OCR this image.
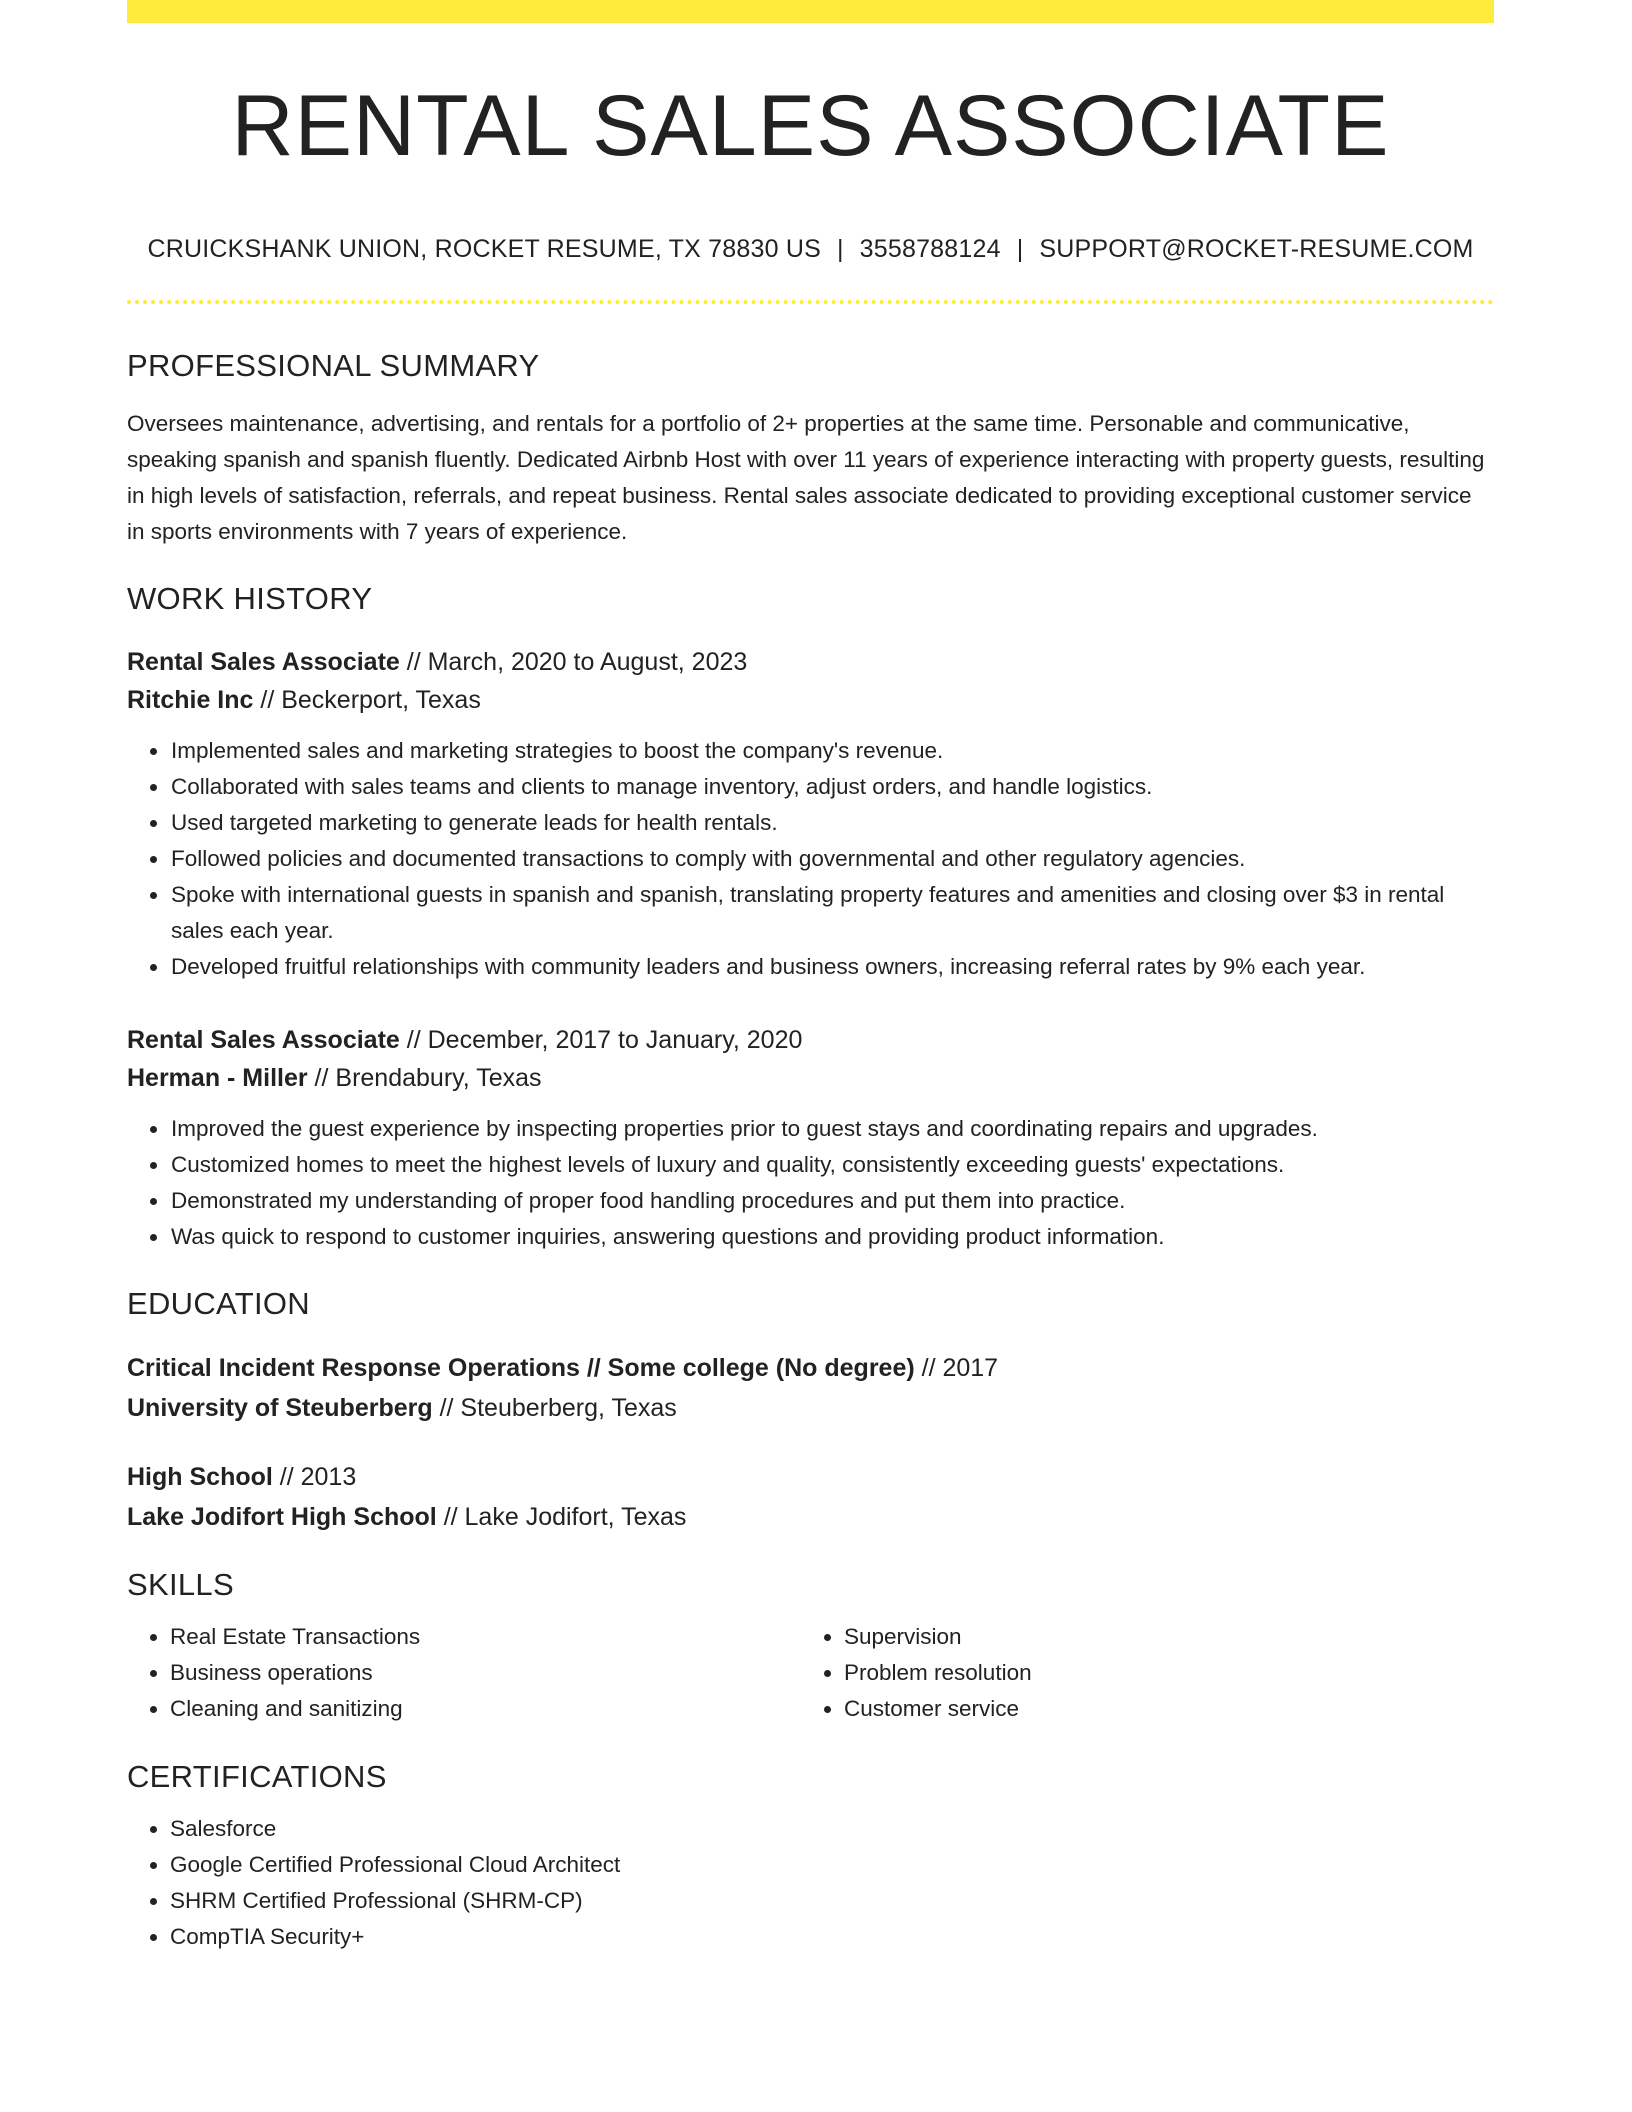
RENTAL SALES ASSOCIATE
CRUICKSHANK UNION, ROCKET RESUME, TX 78830 US | 3558788124 | SUPPORT@ROCKET-RESUME.COM
PROFESSIONAL SUMMARY

Oversees maintenance, advertising, and rentals for a portfolio of 2+ properties at the same time. Personable and communicative, speaking spanish and spanish fluently. Dedicated Airbnb Host with over 11 years of experience interacting with property guests, resulting in high levels of satisfaction, referrals, and repeat business. Rental sales associate dedicated to providing exceptional customer service in sports environments with 7 years of experience.

WORK HISTORY
Rental Sales Associate // March, 2020 to August, 2023
Ritchie Inc // Beckerport, Texas
• Implemented sales and marketing strategies to boost the company's revenue.
• Collaborated with sales teams and clients to manage inventory, adjust orders, and handle logistics.
• Used targeted marketing to generate leads for health rentals.
• Followed policies and documented transactions to comply with governmental and other regulatory agencies.
• Spoke with international guests in spanish and spanish, translating property features and amenities and closing over $3 in rental sales each year.
• Developed fruitful relationships with community leaders and business owners, increasing referral rates by 9% each year.
Rental Sales Associate // December, 2017 to January, 2020
Herman - Miller // Brendabury, Texas
• Improved the guest experience by inspecting properties prior to guest stays and coordinating repairs and upgrades.
• Customized homes to meet the highest levels of luxury and quality, consistently exceeding guests' expectations.
• Demonstrated my understanding of proper food handling procedures and put them into practice.
• Was quick to respond to customer inquiries, answering questions and providing product information.
EDUCATION
Critical Incident Response Operations // Some college (No degree) // 2017
University of Steuberberg // Steuberberg, Texas
High School // 2013
Lake Jodifort High School // Lake Jodifort, Texas
SKILLS
• Real Estate Transactions
• Business operations
• Cleaning and sanitizing
• Supervision
• Problem resolution
• Customer service
CERTIFICATIONS
• Salesforce
• Google Certified Professional Cloud Architect
• SHRM Certified Professional (SHRM-CP)
• CompTIA Security+
